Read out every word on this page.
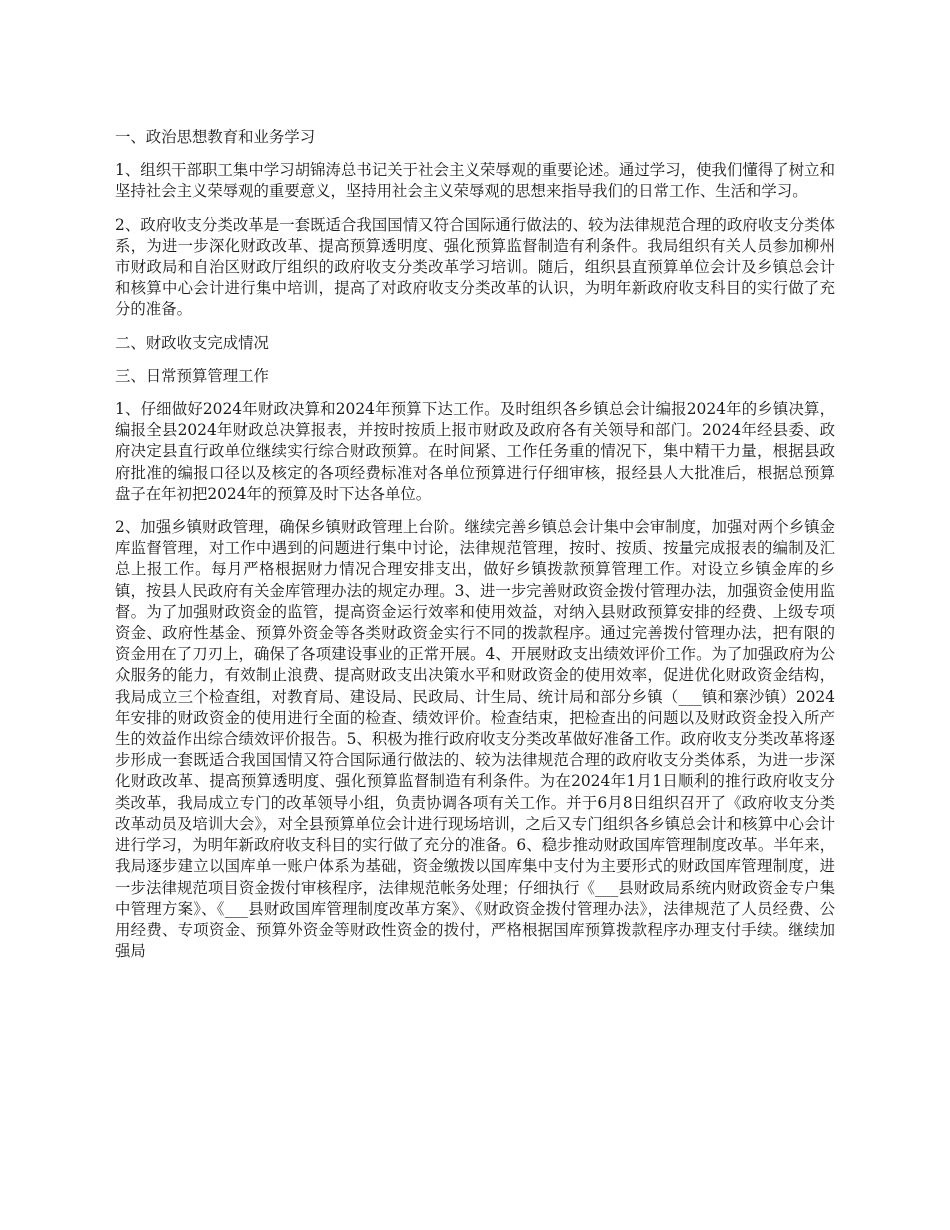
一、政治思想教育和业务学习
1、组织干部职工集中学习胡锦涛总书记关于社会主义荣辱观的重要论述。通过学习，使我们懂得了树立和坚持社会主义荣辱观的重要意义，坚持用社会主义荣辱观的思想来指导我们的日常工作、生活和学习。
2、政府收支分类改革是一套既适合我国国情又符合国际通行做法的、较为法律规范合理的政府收支分类体系，为进一步深化财政改革、提高预算透明度、强化预算监督制造有利条件。我局组织有关人员参加柳州市财政局和自治区财政厅组织的政府收支分类改革学习培训。随后，组织县直预算单位会计及乡镇总会计和核算中心会计进行集中培训，提高了对政府收支分类改革的认识，为明年新政府收支科目的实行做了充分的准备。
二、财政收支完成情况
三、日常预算管理工作
1、仔细做好2024年财政决算和2024年预算下达工作。及时组织各乡镇总会计编报2024年的乡镇决算，编报全县2024年财政总决算报表，并按时按质上报市财政及政府各有关领导和部门。2024年经县委、政府决定县直行政单位继续实行综合财政预算。在时间紧、工作任务重的情况下，集中精干力量，根据县政府批准的编报口径以及核定的各项经费标准对各单位预算进行仔细审核，报经县人大批准后，根据总预算盘子在年初把2024年的预算及时下达各单位。
2、加强乡镇财政管理，确保乡镇财政管理上台阶。继续完善乡镇总会计集中会审制度，加强对两个乡镇金库监督管理，对工作中遇到的问题进行集中讨论，法律规范管理，按时、按质、按量完成报表的编制及汇总上报工作。每月严格根据财力情况合理安排支出，做好乡镇拨款预算管理工作。对设立乡镇金库的乡镇，按县人民政府有关金库管理办法的规定办理。3、进一步完善财政资金拨付管理办法，加强资金使用监督。为了加强财政资金的监管，提高资金运行效率和使用效益，对纳入县财政预算安排的经费、上级专项资金、政府性基金、预算外资金等各类财政资金实行不同的拨款程序。通过完善拨付管理办法，把有限的资金用在了刀刃上，确保了各项建设事业的正常开展。4、开展财政支出绩效评价工作。为了加强政府为公众服务的能力，有效制止浪费、提高财政支出决策水平和财政资金的使用效率，促进优化财政资金结构，我局成立三个检查组，对教育局、建设局、民政局、计生局、统计局和部分乡镇（___镇和寨沙镇）2024年安排的财政资金的使用进行全面的检查、绩效评价。检查结束，把检查出的问题以及财政资金投入所产生的效益作出综合绩效评价报告。5、积极为推行政府收支分类改革做好准备工作。政府收支分类改革将逐步形成一套既适合我国国情又符合国际通行做法的、较为法律规范合理的政府收支分类体系，为进一步深化财政改革、提高预算透明度、强化预算监督制造有利条件。为在2024年1月1日顺利的推行政府收支分类改革，我局成立专门的改革领导小组，负责协调各项有关工作。并于6月8日组织召开了《政府收支分类改革动员及培训大会》，对全县预算单位会计进行现场培训，之后又专门组织各乡镇总会计和核算中心会计进行学习，为明年新政府收支科目的实行做了充分的准备。6、稳步推动财政国库管理制度改革。半年来，我局逐步建立以国库单一账户体系为基础，资金缴拨以国库集中支付为主要形式的财政国库管理制度，进一步法律规范项目资金拨付审核程序，法律规范帐务处理；仔细执行《___县财政局系统内财政资金专户集中管理方案》、《___县财政国库管理制度改革方案》、《财政资金拨付管理办法》，法律规范了人员经费、公用经费、专项资金、预算外资金等财政性资金的拨付，严格根据国库预算拨款程序办理支付手续。继续加强局
